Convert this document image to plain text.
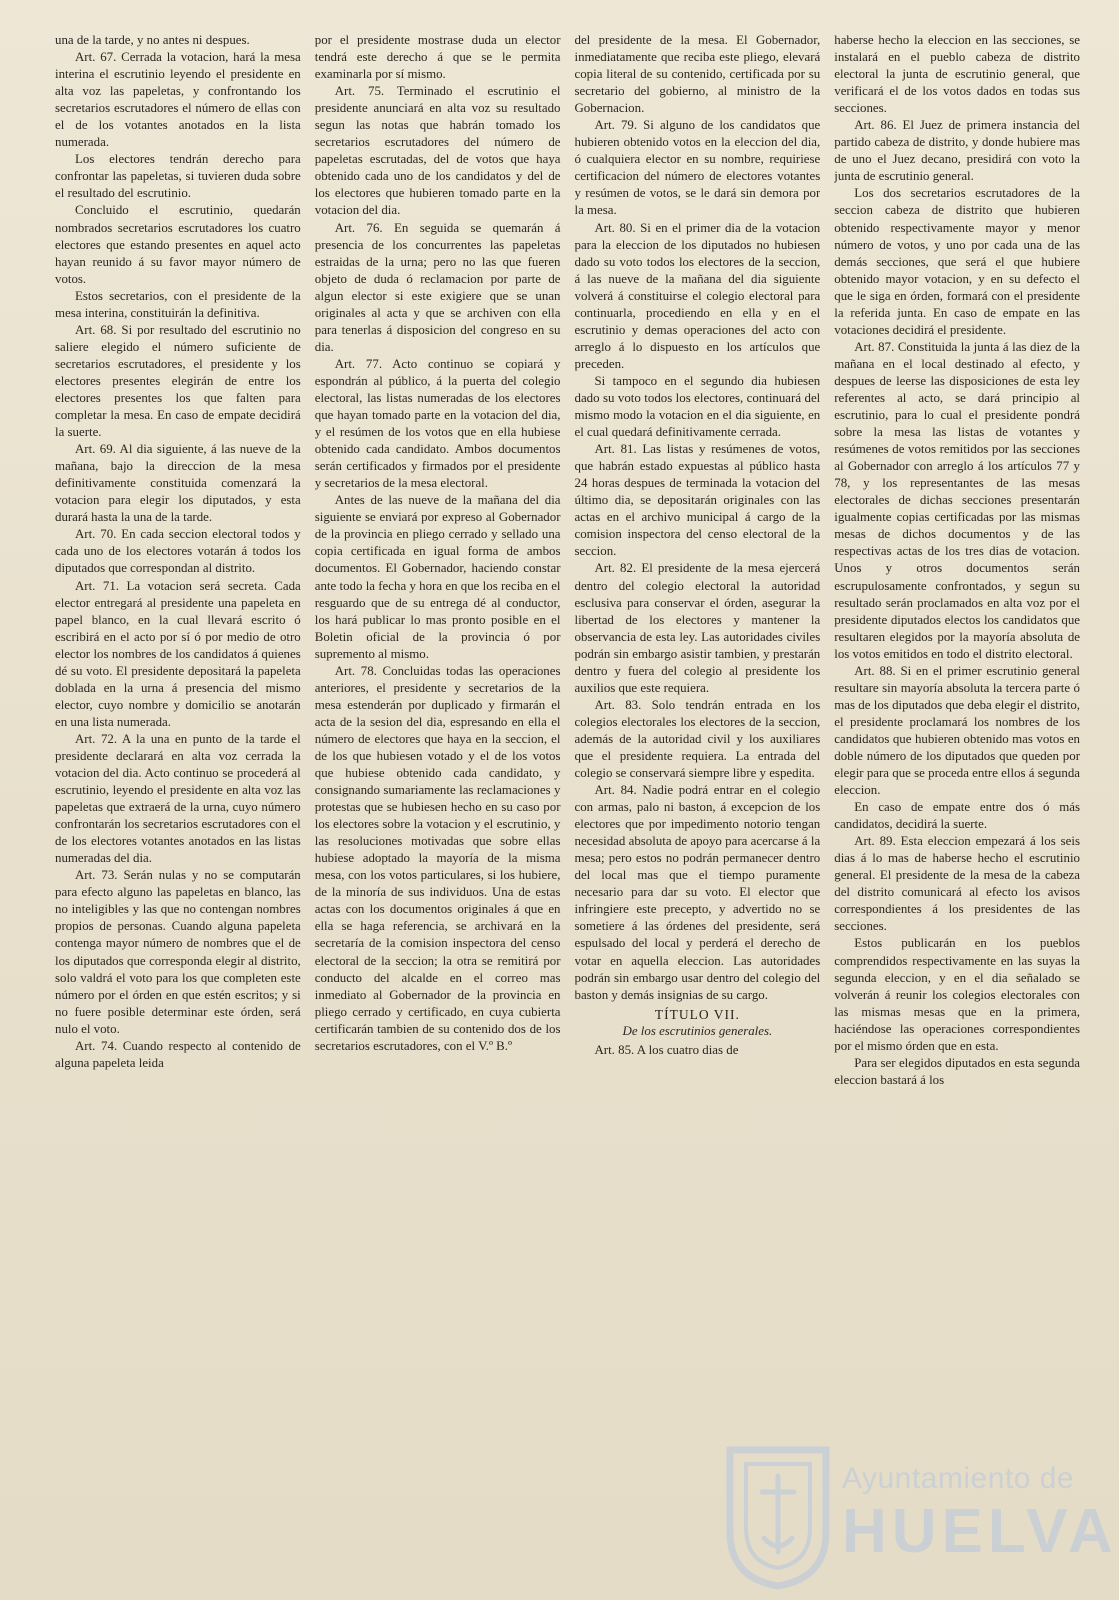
una de la tarde, y no antes ni despues.

Art. 67. Cerrada la votacion, hará la mesa interina el escrutinio leyendo el presidente en alta voz las papeletas, y confrontando los secretarios escrutadores el número de ellas con el de los votantes anotados en la lista numerada.

Los electores tendrán derecho para confrontar las papeletas, si tuvieren duda sobre el resultado del escrutinio.

Concluido el escrutinio, quedarán nombrados secretarios escrutadores los cuatro electores que estando presentes en aquel acto hayan reunido á su favor mayor número de votos.

Estos secretarios, con el presidente de la mesa interina, constituirán la definitiva.

Art. 68. Si por resultado del escrutinio no saliere elegido el número suficiente de secretarios escrutadores, el presidente y los electores presentes elegirán de entre los electores presentes los que falten para completar la mesa. En caso de empate decidirá la suerte.

Art. 69. Al dia siguiente, á las nueve de la mañana, bajo la direccion de la mesa definitivamente constituida comenzará la votacion para elegir los diputados, y esta durará hasta la una de la tarde.

Art. 70. En cada seccion electoral todos y cada uno de los electores votarán á todos los diputados que correspondan al distrito.

Art. 71. La votacion será secreta. Cada elector entregará al presidente una papeleta en papel blanco, en la cual llevará escrito ó escribirá en el acto por sí ó por medio de otro elector los nombres de los candidatos á quienes dé su voto. El presidente depositará la papeleta doblada en la urna á presencia del mismo elector, cuyo nombre y domicilio se anotarán en una lista numerada.

Art. 72. A la una en punto de la tarde el presidente declarará en alta voz cerrada la votacion del dia. Acto continuo se procederá al escrutinio, leyendo el presidente en alta voz las papeletas que extraerá de la urna, cuyo número confrontarán los secretarios escrutadores con el de los electores votantes anotados en las listas numeradas del dia.

Art. 73. Serán nulas y no se computarán para efecto alguno las papeletas en blanco, las no inteligibles y las que no contengan nombres propios de personas. Cuando alguna papeleta contenga mayor número de nombres que el de los diputados que corresponda elegir al distrito, solo valdrá el voto para los que completen este número por el órden en que estén escritos; y si no fuere posible determinar este órden, será nulo el voto.

Art. 74. Cuando respecto al contenido de alguna papeleta leida

por el presidente mostrase duda un elector tendrá este derecho á que se le permita examinarla por sí mismo.

Art. 75. Terminado el escrutinio el presidente anunciará en alta voz su resultado segun las notas que habrán tomado los secretarios escrutadores del número de papeletas escrutadas, del de votos que haya obtenido cada uno de los candidatos y del de los electores que hubieren tomado parte en la votacion del dia.

Art. 76. En seguida se quemarán á presencia de los concurrentes las papeletas estraidas de la urna; pero no las que fueren objeto de duda ó reclamacion por parte de algun elector si este exigiere que se unan originales al acta y que se archiven con ella para tenerlas á disposicion del congreso en su dia.

Art. 77. Acto continuo se copiará y espondrán al público, á la puerta del colegio electoral, las listas numeradas de los electores que hayan tomado parte en la votacion del dia, y el resúmen de los votos que en ella hubiese obtenido cada candidato. Ambos documentos serán certificados y firmados por el presidente y secretarios de la mesa electoral.

Antes de las nueve de la mañana del dia siguiente se enviará por expreso al Gobernador de la provincia en pliego cerrado y sellado una copia certificada en igual forma de ambos documentos. El Gobernador, haciendo constar ante todo la fecha y hora en que los reciba en el resguardo que de su entrega dé al conductor, los hará publicar lo mas pronto posible en el Boletin oficial de la provincia ó por supremento al mismo.

Art. 78. Concluidas todas las operaciones anteriores, el presidente y secretarios de la mesa estenderán por duplicado y firmarán el acta de la sesion del dia, espresando en ella el número de electores que haya en la seccion, el de los que hubiesen votado y el de los votos que hubiese obtenido cada candidato, y consignando sumariamente las reclamaciones y protestas que se hubiesen hecho en su caso por los electores sobre la votacion y el escrutinio, y las resoluciones motivadas que sobre ellas hubiese adoptado la mayoría de la misma mesa, con los votos particulares, si los hubiere, de la minoría de sus individuos. Una de estas actas con los documentos originales á que en ella se haga referencia, se archivará en la secretaría de la comision inspectora del censo electoral de la seccion; la otra se remitirá por conducto del alcalde en el correo mas inmediato al Gobernador de la provincia en pliego cerrado y certificado, en cuya cubierta certificarán tambien de su contenido dos de los secretarios escrutadores, con el V.º B.º

del presidente de la mesa. El Gobernador, inmediatamente que reciba este pliego, elevará copia literal de su contenido, certificada por su secretario del gobierno, al ministro de la Gobernacion.

Art. 79. Si alguno de los candidatos que hubieren obtenido votos en la eleccion del dia, ó cualquiera elector en su nombre, requiriese certificacion del número de electores votantes y resúmen de votos, se le dará sin demora por la mesa.

Art. 80. Si en el primer dia de la votacion para la eleccion de los diputados no hubiesen dado su voto todos los electores de la seccion, á las nueve de la mañana del dia siguiente volverá á constituirse el colegio electoral para continuarla, procediendo en ella y en el escrutinio y demas operaciones del acto con arreglo á lo dispuesto en los artículos que preceden.

Si tampoco en el segundo dia hubiesen dado su voto todos los electores, continuará del mismo modo la votacion en el dia siguiente, en el cual quedará definitivamente cerrada.

Art. 81. Las listas y resúmenes de votos, que habrán estado expuestas al público hasta 24 horas despues de terminada la votacion del último dia, se depositarán originales con las actas en el archivo municipal á cargo de la comision inspectora del censo electoral de la seccion.

Art. 82. El presidente de la mesa ejercerá dentro del colegio electoral la autoridad esclusiva para conservar el órden, asegurar la libertad de los electores y mantener la observancia de esta ley. Las autoridades civiles podrán sin embargo asistir tambien, y prestarán dentro y fuera del colegio al presidente los auxilios que este requiera.

Art. 83. Solo tendrán entrada en los colegios electorales los electores de la seccion, además de la autoridad civil y los auxiliares que el presidente requiera. La entrada del colegio se conservará siempre libre y espedita.

Art. 84. Nadie podrá entrar en el colegio con armas, palo ni baston, á excepcion de los electores que por impedimento notorio tengan necesidad absoluta de apoyo para acercarse á la mesa; pero estos no podrán permanecer dentro del local mas que el tiempo puramente necesario para dar su voto. El elector que infringiere este precepto, y advertido no se sometiere á las órdenes del presidente, será espulsado del local y perderá el derecho de votar en aquella eleccion. Las autoridades podrán sin embargo usar dentro del colegio del baston y demás insignias de su cargo.

TÍTULO VII.
De los escrutinios generales.

Art. 85. A los cuatro dias de

haberse hecho la eleccion en las secciones, se instalará en el pueblo cabeza de distrito electoral la junta de escrutinio general, que verificará el de los votos dados en todas sus secciones.

Art. 86. El Juez de primera instancia del partido cabeza de distrito, y donde hubiere mas de uno el Juez decano, presidirá con voto la junta de escrutinio general.

Los dos secretarios escrutadores de la seccion cabeza de distrito que hubieren obtenido respectivamente mayor y menor número de votos, y uno por cada una de las demás secciones, que será el que hubiere obtenido mayor votacion, y en su defecto el que le siga en órden, formará con el presidente la referida junta. En caso de empate en las votaciones decidirá el presidente.

Art. 87. Constituida la junta á las diez de la mañana en el local destinado al efecto, y despues de leerse las disposiciones de esta ley referentes al acto, se dará principio al escrutinio, para lo cual el presidente pondrá sobre la mesa las listas de votantes y resúmenes de votos remitidos por las secciones al Gobernador con arreglo á los artículos 77 y 78, y los representantes de las mesas electorales de dichas secciones presentarán igualmente copias certificadas por las mismas mesas de dichos documentos y de las respectivas actas de los tres dias de votacion. Unos y otros documentos serán escrupulosamente confrontados, y segun su resultado serán proclamados en alta voz por el presidente diputados electos los candidatos que resultaren elegidos por la mayoría absoluta de los votos emitidos en todo el distrito electoral.

Art. 88. Si en el primer escrutinio general resultare sin mayoría absoluta la tercera parte ó mas de los diputados que deba elegir el distrito, el presidente proclamará los nombres de los candidatos que hubieren obtenido mas votos en doble número de los diputados que queden por elegir para que se proceda entre ellos á segunda eleccion.

En caso de empate entre dos ó más candidatos, decidirá la suerte.

Art. 89. Esta eleccion empezará á los seis dias á lo mas de haberse hecho el escrutinio general. El presidente de la mesa de la cabeza del distrito comunicará al efecto los avisos correspondientes á los presidentes de las secciones.

Estos publicarán en los pueblos comprendidos respectivamente en las suyas la segunda eleccion, y en el dia señalado se volverán á reunir los colegios electorales con las mismas mesas que en la primera, haciéndose las operaciones correspondientes por el mismo órden que en esta.

Para ser elegidos diputados en esta segunda eleccion bastará á los

Ayuntamiento de
HUELVA
